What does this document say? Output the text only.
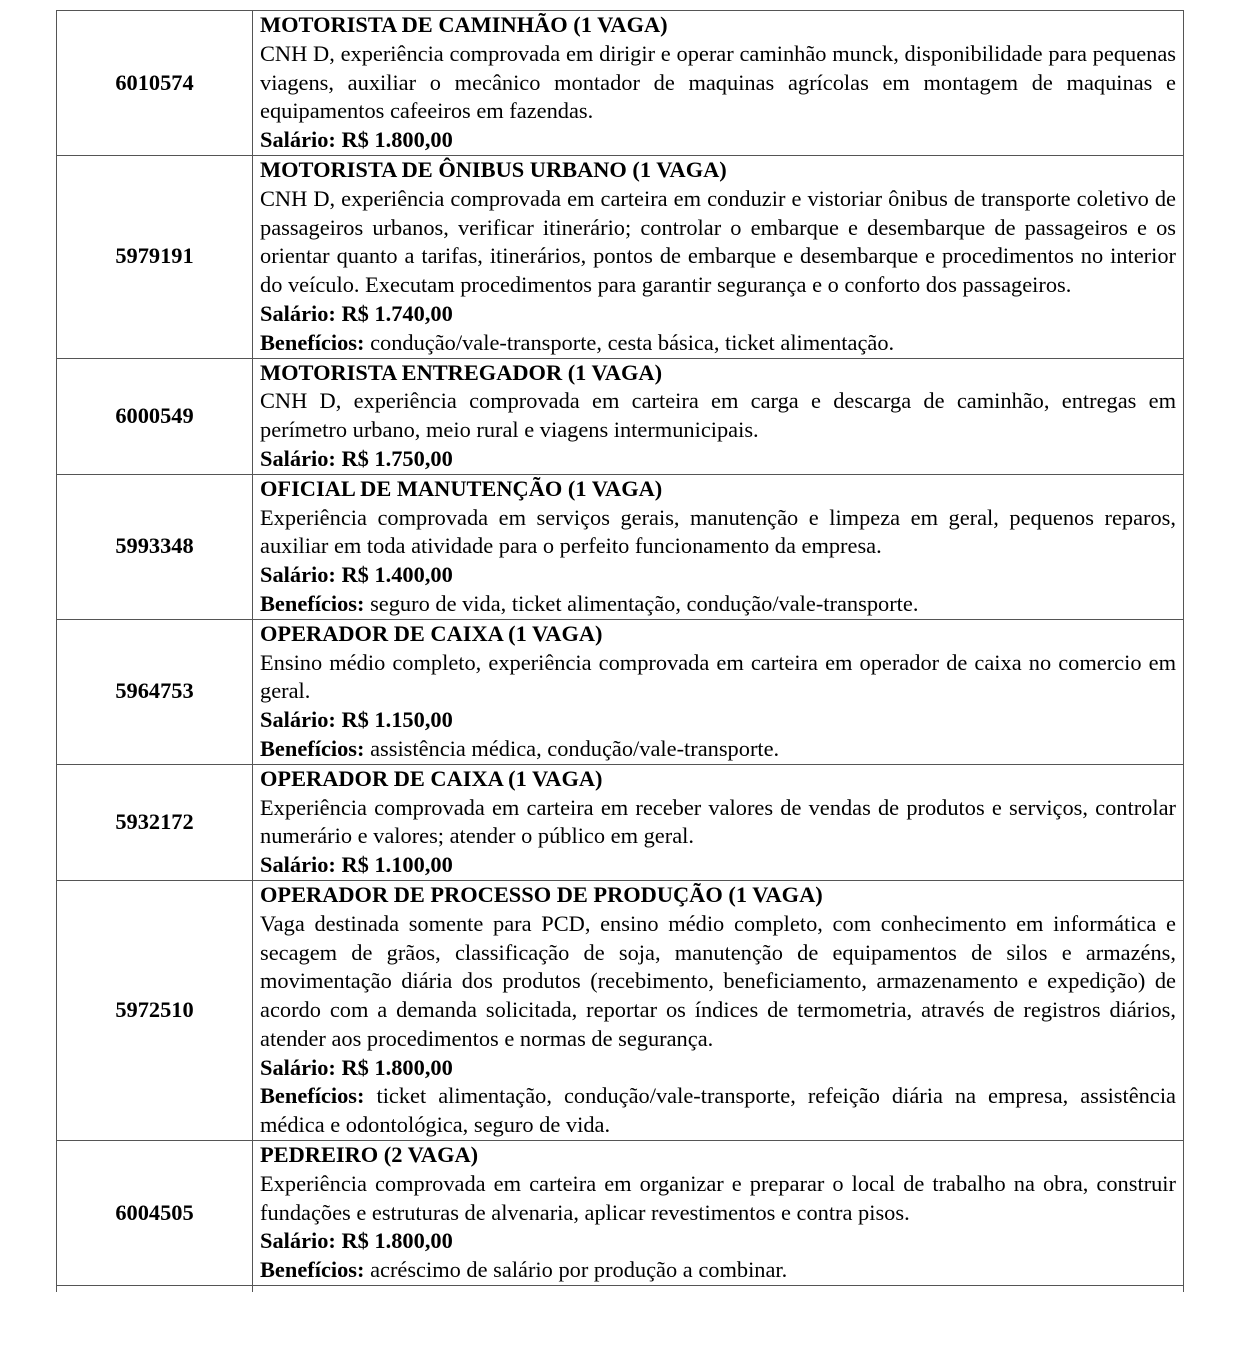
6010574	MOTORISTA DE CAMINHÃO (1 VAGA)
CNH D, experiência comprovada em dirigir e operar caminhão munck, disponibilidade para pequenas viagens, auxiliar o mecânico montador de maquinas agrícolas em montagem de maquinas e equipamentos cafeeiros em fazendas.
Salário: R$ 1.800,00

5979191	MOTORISTA DE ÔNIBUS URBANO (1 VAGA)
CNH D, experiência comprovada em carteira em conduzir e vistoriar ônibus de transporte coletivo de passageiros urbanos, verificar itinerário; controlar o embarque e desembarque de passageiros e os orientar quanto a tarifas, itinerários, pontos de embarque e desembarque e procedimentos no interior do veículo. Executam procedimentos para garantir segurança e o conforto dos passageiros.
Salário: R$ 1.740,00
Benefícios: condução/vale-transporte, cesta básica, ticket alimentação.

6000549	MOTORISTA ENTREGADOR (1 VAGA)
CNH D, experiência comprovada em carteira em carga e descarga de caminhão, entregas em perímetro urbano, meio rural e viagens intermunicipais.
Salário: R$ 1.750,00

5993348	OFICIAL DE MANUTENÇÃO (1 VAGA)
Experiência comprovada em serviços gerais, manutenção e limpeza em geral, pequenos reparos, auxiliar em toda atividade para o perfeito funcionamento da empresa.
Salário: R$ 1.400,00
Benefícios: seguro de vida, ticket alimentação, condução/vale-transporte.

5964753	OPERADOR DE CAIXA (1 VAGA)
Ensino médio completo, experiência comprovada em carteira em operador de caixa no comercio em geral.
Salário: R$ 1.150,00
Benefícios: assistência médica, condução/vale-transporte.

5932172	OPERADOR DE CAIXA (1 VAGA)
Experiência comprovada em carteira em receber valores de vendas de produtos e serviços, controlar numerário e valores; atender o público em geral.
Salário: R$ 1.100,00

5972510	OPERADOR DE PROCESSO DE PRODUÇÃO (1 VAGA)
Vaga destinada somente para PCD, ensino médio completo, com conhecimento em informática e secagem de grãos, classificação de soja, manutenção de equipamentos de silos e armazéns, movimentação diária dos produtos (recebimento, beneficiamento, armazenamento e expedição) de acordo com a demanda solicitada, reportar os índices de termometria, através de registros diários, atender aos procedimentos e normas de segurança.
Salário: R$ 1.800,00
Benefícios: ticket alimentação, condução/vale-transporte, refeição diária na empresa, assistência médica e odontológica, seguro de vida.

6004505	PEDREIRO (2 VAGA)
Experiência comprovada em carteira em organizar e preparar o local de trabalho na obra, construir fundações e estruturas de alvenaria, aplicar revestimentos e contra pisos.
Salário: R$ 1.800,00
Benefícios: acréscimo de salário por produção a combinar.
